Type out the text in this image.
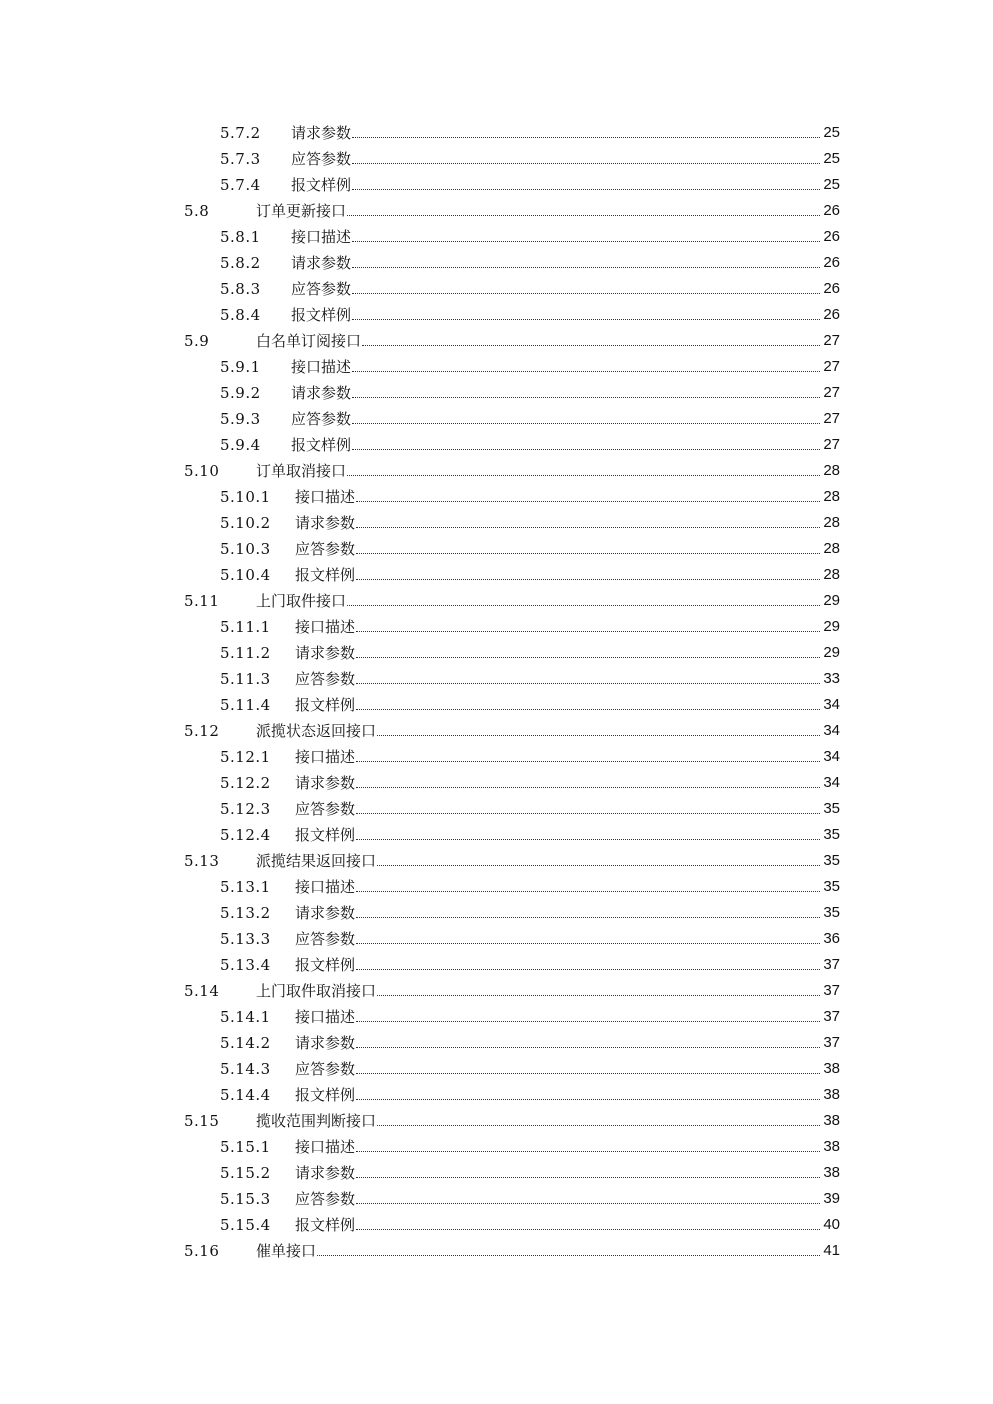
5.7.2 请求参数	25
5.7.3 应答参数	25
5.7.4 报文样例	25
5.8	订单更新接口	26
5.8.1 接口描述	26
5.8.2 请求参数	26
5.8.3 应答参数	26
5.8.4 报文样例	26
5.9	白名单订阅接口	27
5.9.1 接口描述	27
5.9.2 请求参数	27
5.9.3 应答参数	27
5.9.4 报文样例	27
5.10 订单取消接口	28
5.10.1 接口描述	28
5.10.2 请求参数	28
5.10.3 应答参数	28
5.10.4 报文样例	28
5.11 上门取件接口	29
5.11.1 接口描述	29
5.11.2 请求参数	29
5.11.3 应答参数	33
5.11.4 报文样例	34
5.12 派揽状态返回接口	34
5.12.1 接口描述	34
5.12.2 请求参数	34
5.12.3 应答参数	35
5.12.4 报文样例	35
5.13 派揽结果返回接口	35
5.13.1 接口描述	35
5.13.2 请求参数	35
5.13.3 应答参数	36
5.13.4 报文样例	37
5.14 上门取件取消接口	37
5.14.1 接口描述	37
5.14.2 请求参数	37
5.14.3 应答参数	38
5.14.4 报文样例	38
5.15 揽收范围判断接口	38
5.15.1 接口描述	38
5.15.2 请求参数	38
5.15.3 应答参数	39
5.15.4 报文样例	40
5.16 催单接口	41
